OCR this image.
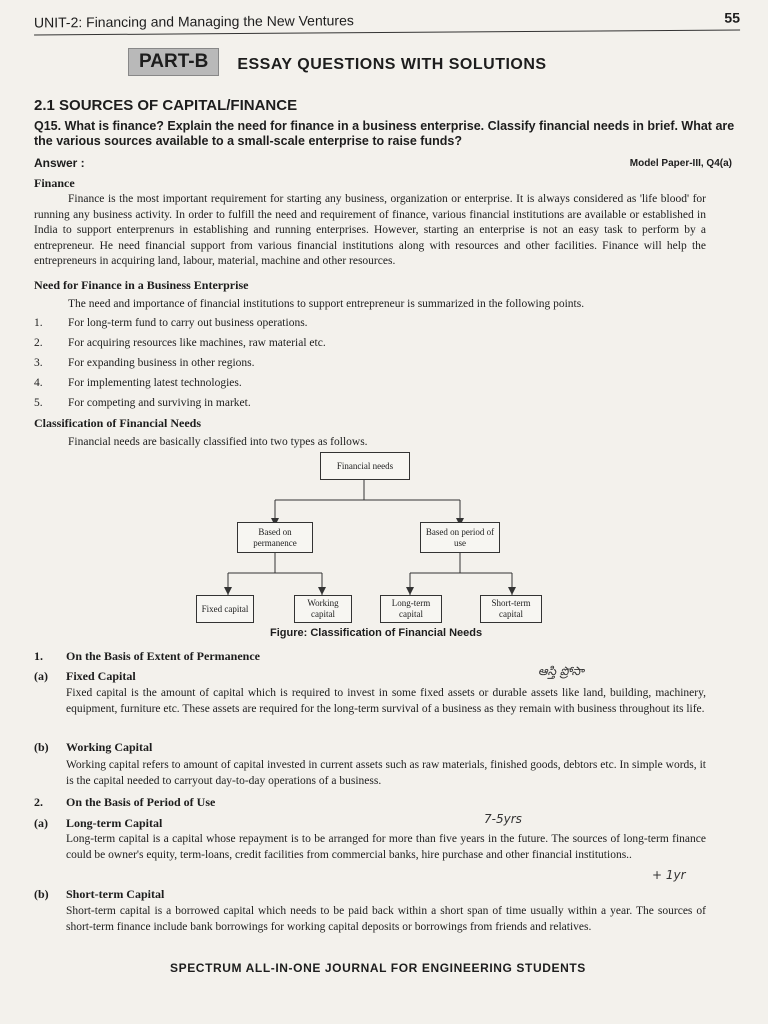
UNIT-2: Financing and Managing the New Ventures	55
PART-B	ESSAY QUESTIONS WITH SOLUTIONS
2.1 SOURCES OF CAPITAL/FINANCE
Q15. What is finance? Explain the need for finance in a business enterprise. Classify financial needs in brief. What are the various sources available to a small-scale enterprise to raise funds?
Answer :	Model Paper-III, Q4(a)
Finance
Finance is the most important requirement for starting any business, organization or enterprise. It is always considered as 'life blood' for running any business activity. In order to fulfill the need and requirement of finance, various financial institutions are available or established in India to support enterprenurs in establishing and running enterprises. However, starting an enterprise is not an easy task to perform by a entrepreneur. He need financial support from various financial institutions along with resources and other facilities. Finance will help the entrepreneurs in acquiring land, labour, material, machine and other resources.
Need for Finance in a Business Enterprise
The need and importance of financial institutions to support entrepreneur is summarized in the following points.
1. For long-term fund to carry out business operations.
2. For acquiring resources like machines, raw material etc.
3. For expanding business in other regions.
4. For implementing latest technologies.
5. For competing and surviving in market.
Classification of Financial Needs
Financial needs are basically classified into two types as follows.
Financial needs
Based on permanence
Based on period of use
Fixed capital
Working capital
Long-term capital
Short-term capital
Figure: Classification of Financial Needs
1. On the Basis of Extent of Permanence
(a) Fixed Capital	ఆస్తి ప్రోసా
Fixed capital is the amount of capital which is required to invest in some fixed assets or durable assets like land, building, machinery, equipment, furniture etc. These assets are required for the long-term survival of a business as they remain with business throughout its life.
(b) Working Capital
Working capital refers to amount of capital invested in current assets such as raw materials, finished goods, debtors etc. In simple words, it is the capital needed to carryout day-to-day operations of a business.
2. On the Basis of Period of Use
(a) Long-term Capital	7-5yrs
Long-term capital is a capital whose repayment is to be arranged for more than five years in the future. The sources of long-term finance could be owner's equity, term-loans, credit facilities from commercial banks, hire purchase and other financial institutions..
+ 1yr
(b) Short-term Capital
Short-term capital is a borrowed capital which needs to be paid back within a short span of time usually within a year. The sources of short-term finance include bank borrowings for working capital deposits or borrowings from friends and relatives.
SPECTRUM ALL-IN-ONE JOURNAL FOR ENGINEERING STUDENTS
